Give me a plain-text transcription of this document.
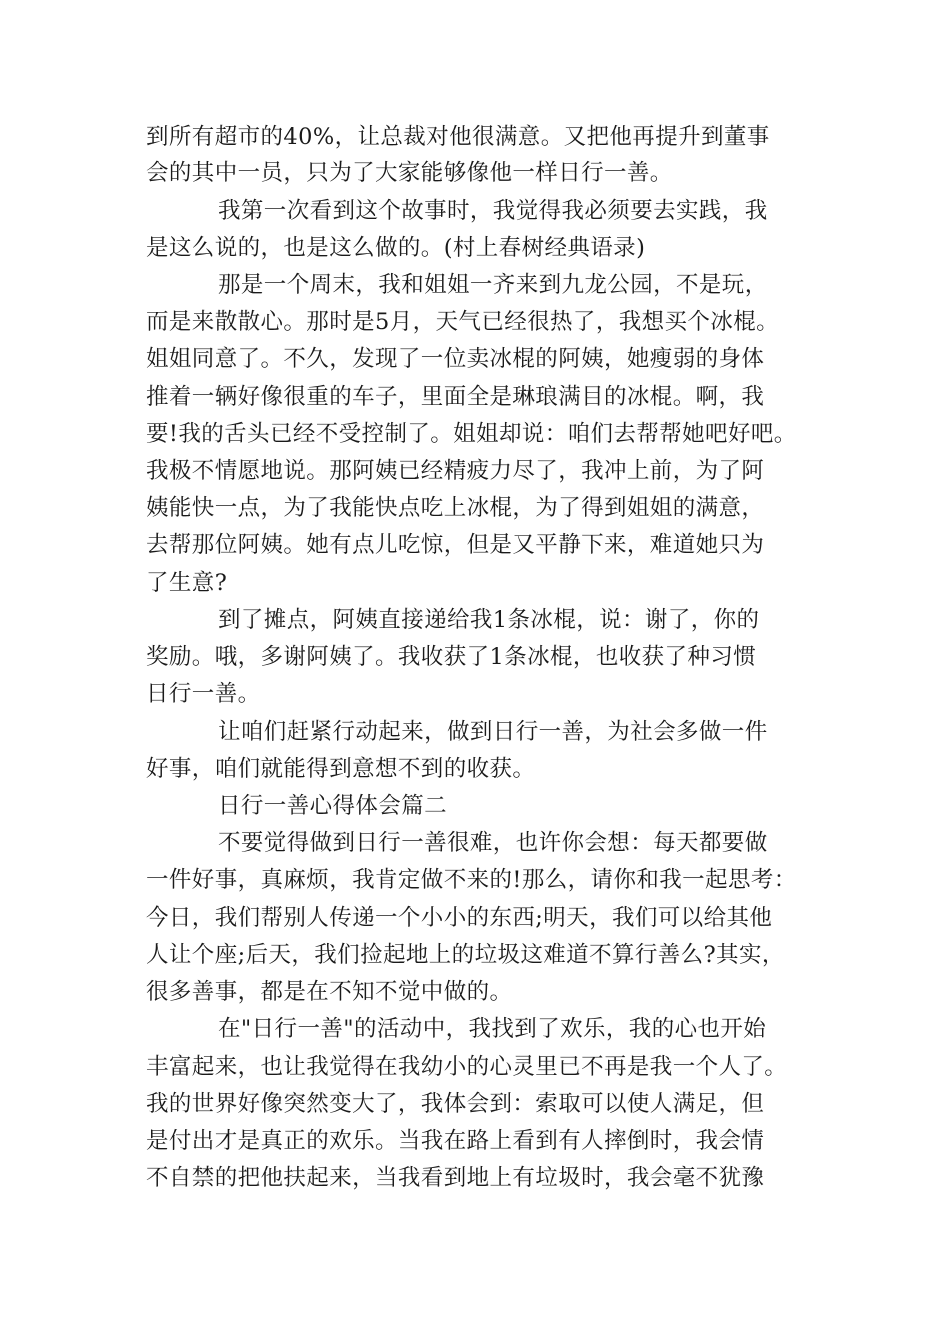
到所有超市的40%，让总裁对他很满意。又把他再提升到董事
会的其中一员，只为了大家能够像他一样日行一善。
我第一次看到这个故事时，我觉得我必须要去实践，我
是这么说的，也是这么做的。(村上春树经典语录)
那是一个周末，我和姐姐一齐来到九龙公园，不是玩，
而是来散散心。那时是5月，天气已经很热了，我想买个冰棍。
姐姐同意了。不久，发现了一位卖冰棍的阿姨，她瘦弱的身体
推着一辆好像很重的车子，里面全是琳琅满目的冰棍。啊，我
要!我的舌头已经不受控制了。姐姐却说：咱们去帮帮她吧好吧。
我极不情愿地说。那阿姨已经精疲力尽了，我冲上前，为了阿
姨能快一点，为了我能快点吃上冰棍，为了得到姐姐的满意，
去帮那位阿姨。她有点儿吃惊，但是又平静下来，难道她只为
了生意?
到了摊点，阿姨直接递给我1条冰棍，说：谢了，你的
奖励。哦，多谢阿姨了。我收获了1条冰棍，也收获了种习惯
日行一善。
让咱们赶紧行动起来，做到日行一善，为社会多做一件
好事，咱们就能得到意想不到的收获。
日行一善心得体会篇二
不要觉得做到日行一善很难，也许你会想：每天都要做
一件好事，真麻烦，我肯定做不来的!那么，请你和我一起思考：
今日，我们帮别人传递一个小小的东西;明天，我们可以给其他
人让个座;后天，我们捡起地上的垃圾这难道不算行善么?其实，
很多善事，都是在不知不觉中做的。
在"日行一善"的活动中，我找到了欢乐，我的心也开始
丰富起来，也让我觉得在我幼小的心灵里已不再是我一个人了。
我的世界好像突然变大了，我体会到：索取可以使人满足，但
是付出才是真正的欢乐。当我在路上看到有人摔倒时，我会情
不自禁的把他扶起来，当我看到地上有垃圾时，我会毫不犹豫
